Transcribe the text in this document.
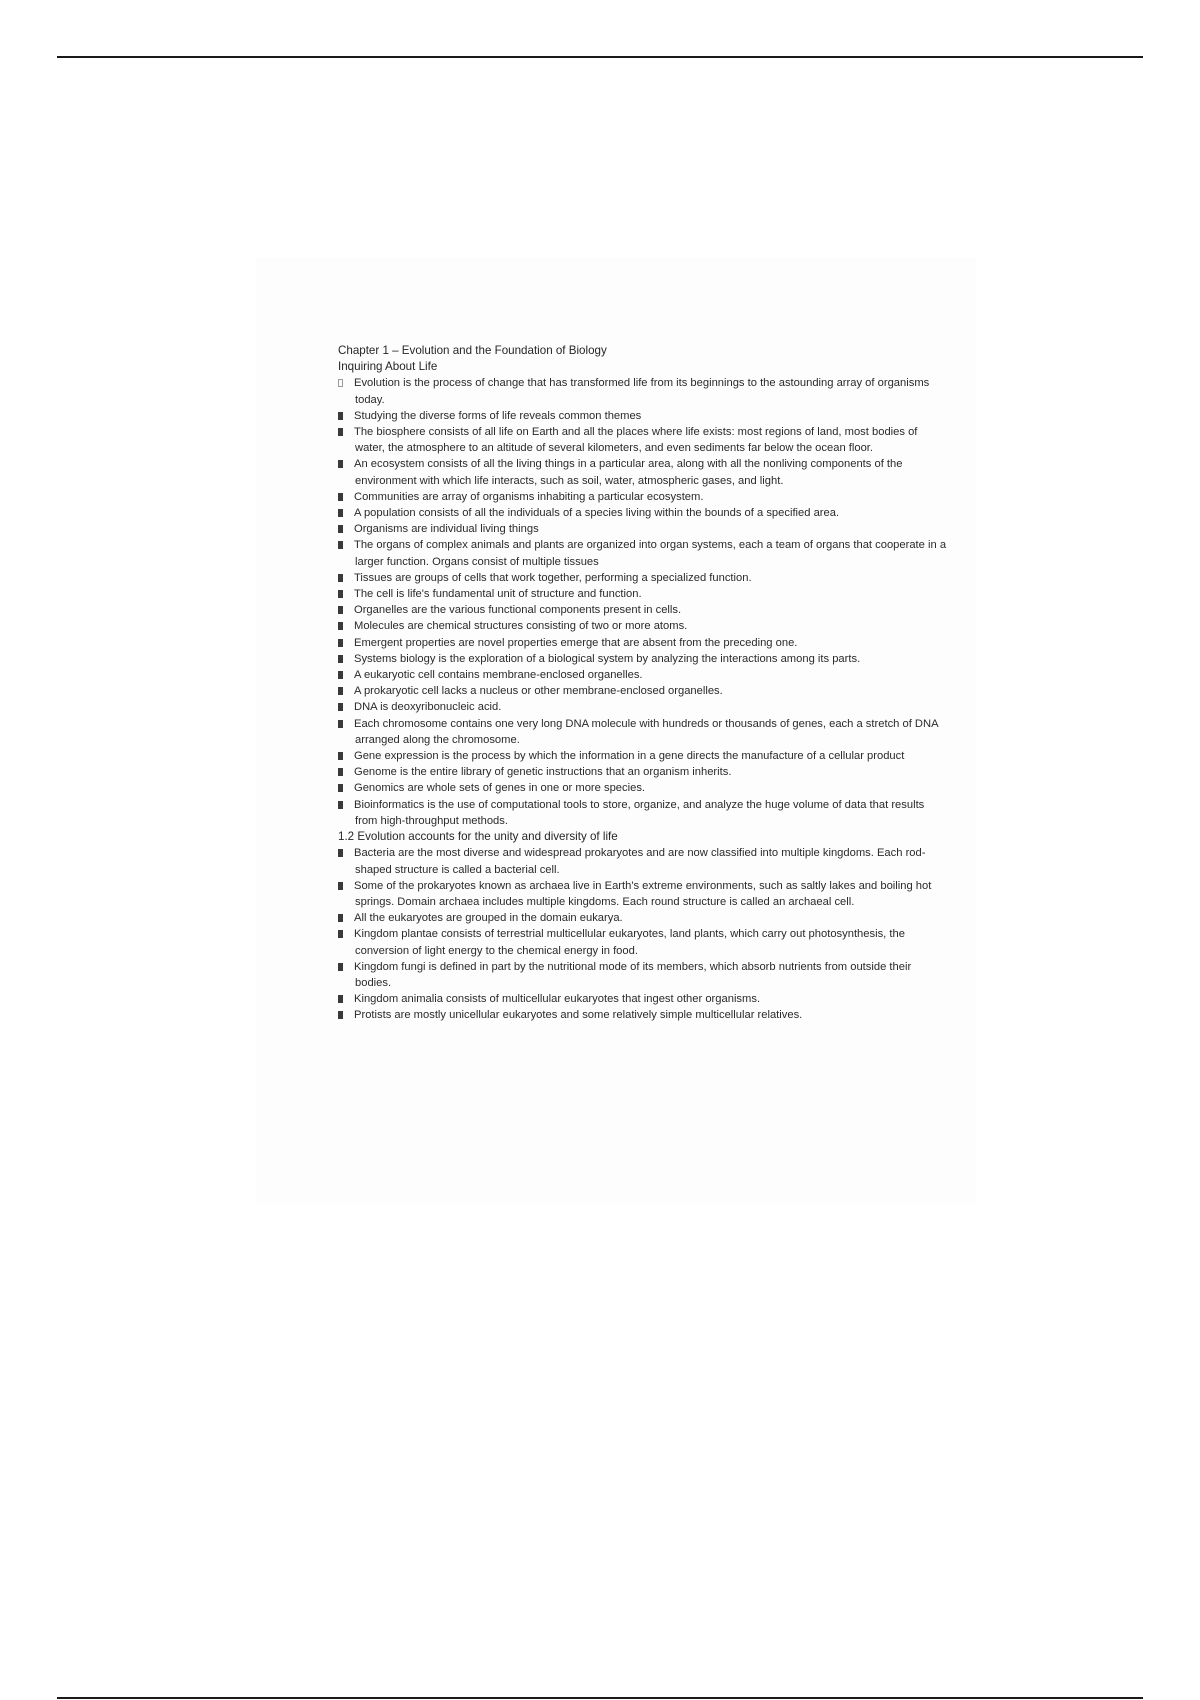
Chapter 1 – Evolution and the Foundation of Biology

Inquiring About Life

Evolution is the process of change that has transformed life from its beginnings to the astounding array of organisms today.
Studying the diverse forms of life reveals common themes
The biosphere consists of all life on Earth and all the places where life exists: most regions of land, most bodies of water, the atmosphere to an altitude of several kilometers, and even sediments far below the ocean floor.
An ecosystem consists of all the living things in a particular area, along with all the nonliving components of the environment with which life interacts, such as soil, water, atmospheric gases, and light.
Communities are array of organisms inhabiting a particular ecosystem.
A population consists of all the individuals of a species living within the bounds of a specified area.
Organisms are individual living things
The organs of complex animals and plants are organized into organ systems, each a team of organs that cooperate in a larger function. Organs consist of multiple tissues
Tissues are groups of cells that work together, performing a specialized function.
The cell is life's fundamental unit of structure and function.
Organelles are the various functional components present in cells.
Molecules are chemical structures consisting of two or more atoms.
Emergent properties are novel properties emerge that are absent from the preceding one.
Systems biology is the exploration of a biological system by analyzing the interactions among its parts.
A eukaryotic cell contains membrane-enclosed organelles.
A prokaryotic cell lacks a nucleus or other membrane-enclosed organelles.
DNA is deoxyribonucleic acid.
Each chromosome contains one very long DNA molecule with hundreds or thousands of genes, each a stretch of DNA arranged along the chromosome.
Gene expression is the process by which the information in a gene directs the manufacture of a cellular product
Genome is the entire library of genetic instructions that an organism inherits.
Genomics are whole sets of genes in one or more species.
Bioinformatics is the use of computational tools to store, organize, and analyze the huge volume of data that results from high-throughput methods.

1.2 Evolution accounts for the unity and diversity of life

Bacteria are the most diverse and widespread prokaryotes and are now classified into multiple kingdoms. Each rod-shaped structure is called a bacterial cell.
Some of the prokaryotes known as archaea live in Earth's extreme environments, such as saltly lakes and boiling hot springs. Domain archaea includes multiple kingdoms. Each round structure is called an archaeal cell.
All the eukaryotes are grouped in the domain eukarya.
Kingdom plantae consists of terrestrial multicellular eukaryotes, land plants, which carry out photosynthesis, the conversion of light energy to the chemical energy in food.
Kingdom fungi is defined in part by the nutritional mode of its members, which absorb nutrients from outside their bodies.
Kingdom animalia consists of multicellular eukaryotes that ingest other organisms.
Protists are mostly unicellular eukaryotes and some relatively simple multicellular relatives.
